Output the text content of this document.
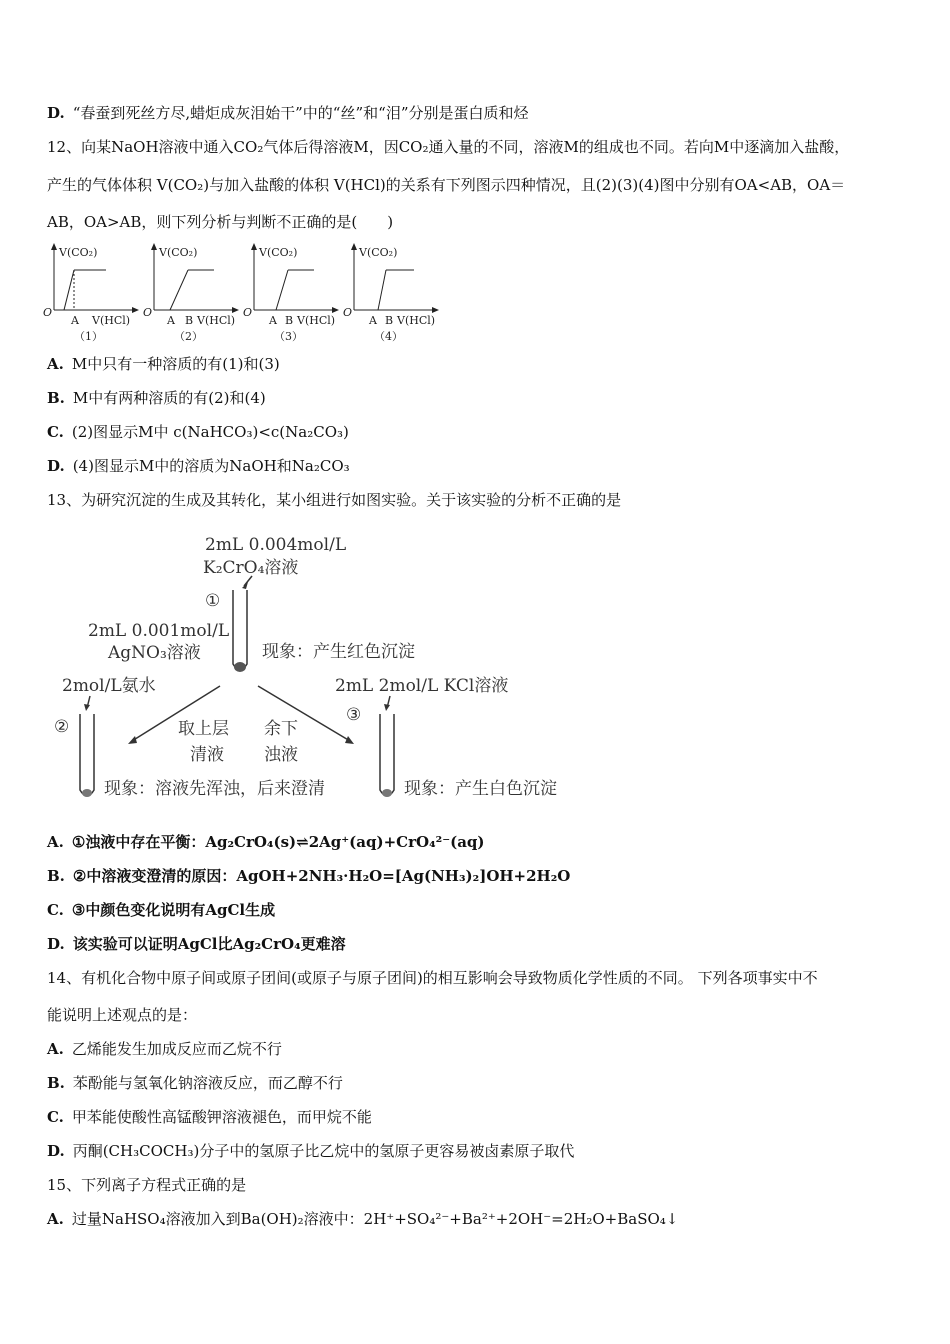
D. “春蚕到死丝方尽,蜡炬成灰泪始干”中的“丝”和“泪”分别是蛋白质和烃
12、向某NaOH溶液中通入CO₂气体后得溶液M，因CO₂通入量的不同，溶液M的组成也不同。若向M中逐滴加入盐酸，
产生的气体体积 V(CO₂)与加入盐酸的体积 V(HCl)的关系有下列图示四种情况，且(2)(3)(4)图中分别有OA<AB，OA＝
AB，OA>AB，则下列分析与判断不正确的是(　　)
V(CO₂)
O
A V(HCl)
（1）
V(CO₂)
O
A B V(HCl)
（2）
V(CO₂)
O
A B V(HCl)
（3）
V(CO₂)
O
A B V(HCl)
（4）
A. M中只有一种溶质的有(1)和(3)
B. M中有两种溶质的有(2)和(4)
C. (2)图显示M中 c(NaHCO₃)<c(Na₂CO₃)
D. (4)图显示M中的溶质为NaOH和Na₂CO₃
13、为研究沉淀的生成及其转化，某小组进行如图实验。关于该实验的分析不正确的是
2mL 0.004mol/L
K₂CrO₄溶液
①
2mL 0.001mol/L
AgNO₃溶液	现象：产生红色沉淀
2mol/L氨水	2mL 2mol/L KCl溶液
②
③
取上层
清液
余下
浊液
现象：溶液先浑浊，后来澄清	现象：产生白色沉淀
A. ①浊液中存在平衡：Ag₂CrO₄(s)⇌2Ag⁺(aq)+CrO₄²⁻(aq)
B. ②中溶液变澄清的原因：AgOH+2NH₃·H₂O=[Ag(NH₃)₂]OH+2H₂O
C. ③中颜色变化说明有AgCl生成
D. 该实验可以证明AgCl比Ag₂CrO₄更难溶
14、有机化合物中原子间或原子团间(或原子与原子团间)的相互影响会导致物质化学性质的不同。 下列各项事实中不
能说明上述观点的是：
A. 乙烯能发生加成反应而乙烷不行
B. 苯酚能与氢氧化钠溶液反应，而乙醇不行
C. 甲苯能使酸性高锰酸钾溶液褪色，而甲烷不能
D. 丙酮(CH₃COCH₃)分子中的氢原子比乙烷中的氢原子更容易被卤素原子取代
15、下列离子方程式正确的是
A. 过量NaHSO₄溶液加入到Ba(OH)₂溶液中：2H⁺+SO₄²⁻+Ba²⁺+2OH⁻=2H₂O+BaSO₄↓
